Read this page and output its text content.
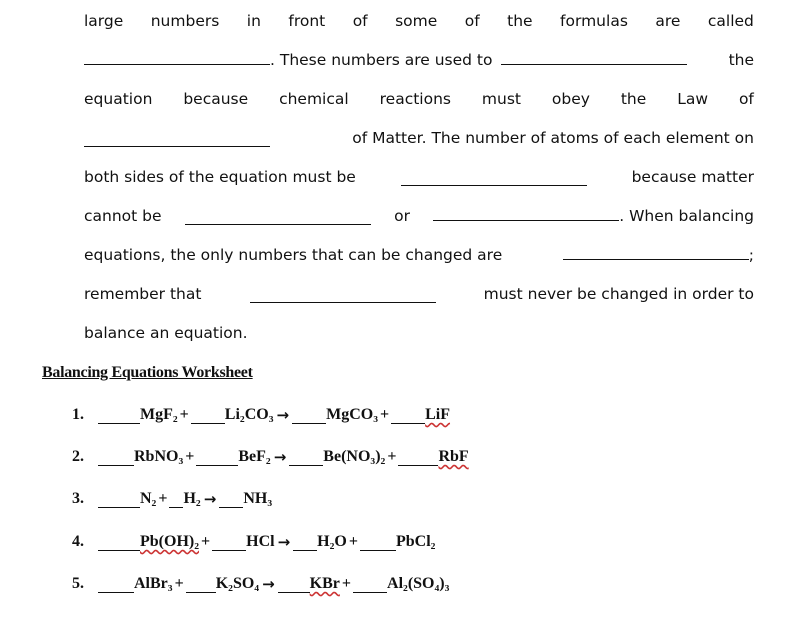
large numbers in front of some of the formulas are called
. These numbers are used to	the
equation because chemical reactions must obey the Law of
of Matter. The number of atoms of each element on
both sides of the equation must be	because matter
cannot be	or	. When balancing
equations, the only numbers that can be changed are	;
remember that	must never be changed in order to
balance an equation.
Balancing Equations Worksheet
1.	MgF₂ + Li₂CO₃ → MgCO₃ + LiF
2.	RbNO₃ +	BeF₂ → Be(NO₃)₂ +	RbF
3.	N₂ + H₂ → NH₃
4.	Pb(OH)₂ + HCl → H₂O + PbCl₂
5.	AlBr₃ + K₂SO₄ → KBr + Al₂(SO₄)₃
